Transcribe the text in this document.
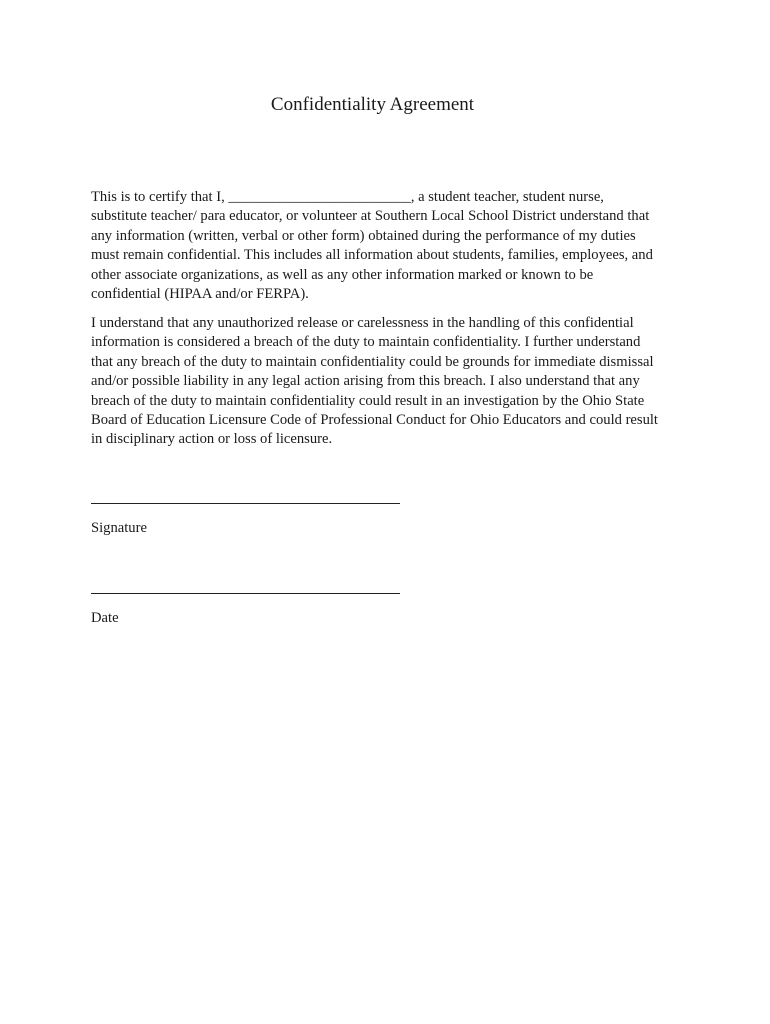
Confidentiality Agreement

This is to certify that I, _________________________, a student teacher, student nurse,
substitute teacher/ para educator, or volunteer at Southern Local School District understand that
any information (written, verbal or other form) obtained during the performance of my duties
must remain confidential. This includes all information about students, families, employees, and
other associate organizations, as well as any other information marked or known to be
confidential (HIPAA and/or FERPA).

I understand that any unauthorized release or carelessness in the handling of this confidential
information is considered a breach of the duty to maintain confidentiality. I further understand
that any breach of the duty to maintain confidentiality could be grounds for immediate dismissal
and/or possible liability in any legal action arising from this breach. I also understand that any
breach of the duty to maintain confidentiality could result in an investigation by the Ohio State
Board of Education Licensure Code of Professional Conduct for Ohio Educators and could result
in disciplinary action or loss of licensure.

Signature
Date
